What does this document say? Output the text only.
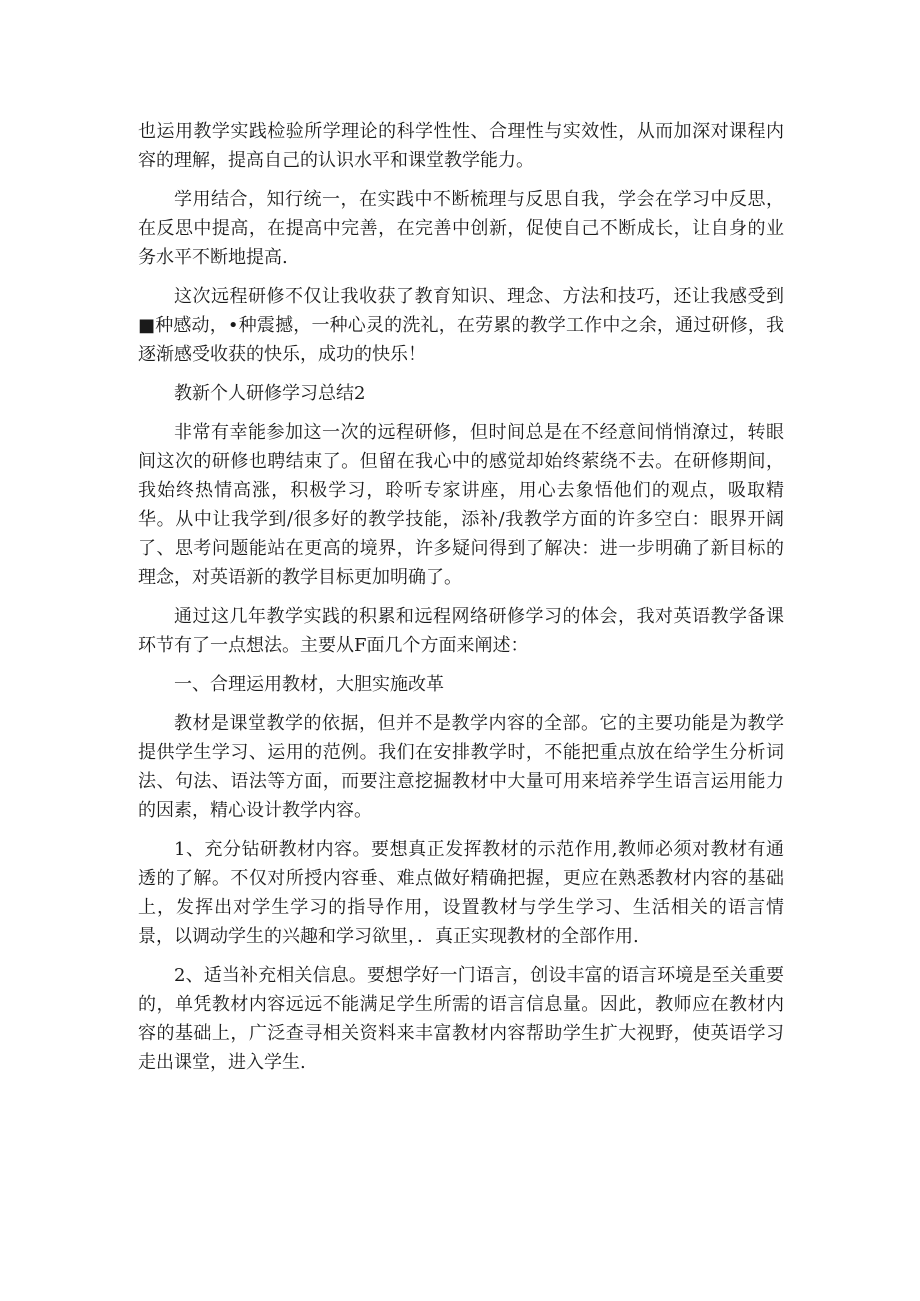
也运用教学实践检验所学理论的科学性性、合理性与实效性，从而加深对课程内容的理解，提高自己的认识水平和课堂教学能力。

学用结合，知行统一，在实践中不断梳理与反思自我，学会在学习中反思，在反思中提高，在提高中完善，在完善中创新，促使自己不断成长，让自身的业务水平不断地提高.

这次远程研修不仅让我收获了教育知识、理念、方法和技巧，还让我感受到■种感动，•种震撼，一种心灵的洗礼，在劳累的教学工作中之余，通过研修，我逐渐感受收获的快乐，成功的快乐！

教新个人研修学习总结2

非常有幸能参加这一次的远程研修，但时间总是在不经意间悄悄潦过，转眼间这次的研修也聘结束了。但留在我心中的感觉却始终萦绕不去。在研修期间，我始终热情高涨，积极学习，聆听专家讲座，用心去象悟他们的观点，吸取精华。从中让我学到/很多好的教学技能，添补/我教学方面的许多空白：眼界开阔了、思考问题能站在更高的境界，许多疑问得到了解决：进一步明确了新目标的理念，对英语新的教学目标更加明确了。

通过这几年教学实践的积累和远程网络研修学习的体会，我对英语教学备课环节有了一点想法。主要从F面几个方面来阐述：

一、合理运用教材，大胆实施改革

教材是课堂教学的依据，但并不是教学内容的全部。它的主要功能是为教学提供学生学习、运用的范例。我们在安排教学时，不能把重点放在给学生分析词法、句法、语法等方面，而要注意挖掘教材中大量可用来培养学生语言运用能力的因素，精心设计教学内容。

1、充分钻研教材内容。要想真正发挥教材的示范作用,教师必须对教材有通透的了解。不仅对所授内容垂、难点做好精确把握，更应在熟悉教材内容的基础上，发挥出对学生学习的指导作用，设置教材与学生学习、生活相关的语言情景，以调动学生的兴趣和学习欲里，．真正实现教材的全部作用.

2、适当补充相关信息。要想学好一门语言，创设丰富的语言环境是至关重要的，单凭教材内容远远不能满足学生所需的语言信息量。因此，教师应在教材内容的基础上，广泛查寻相关资料来丰富教材内容帮助学生扩大视野，使英语学习走出课堂，进入学生.
